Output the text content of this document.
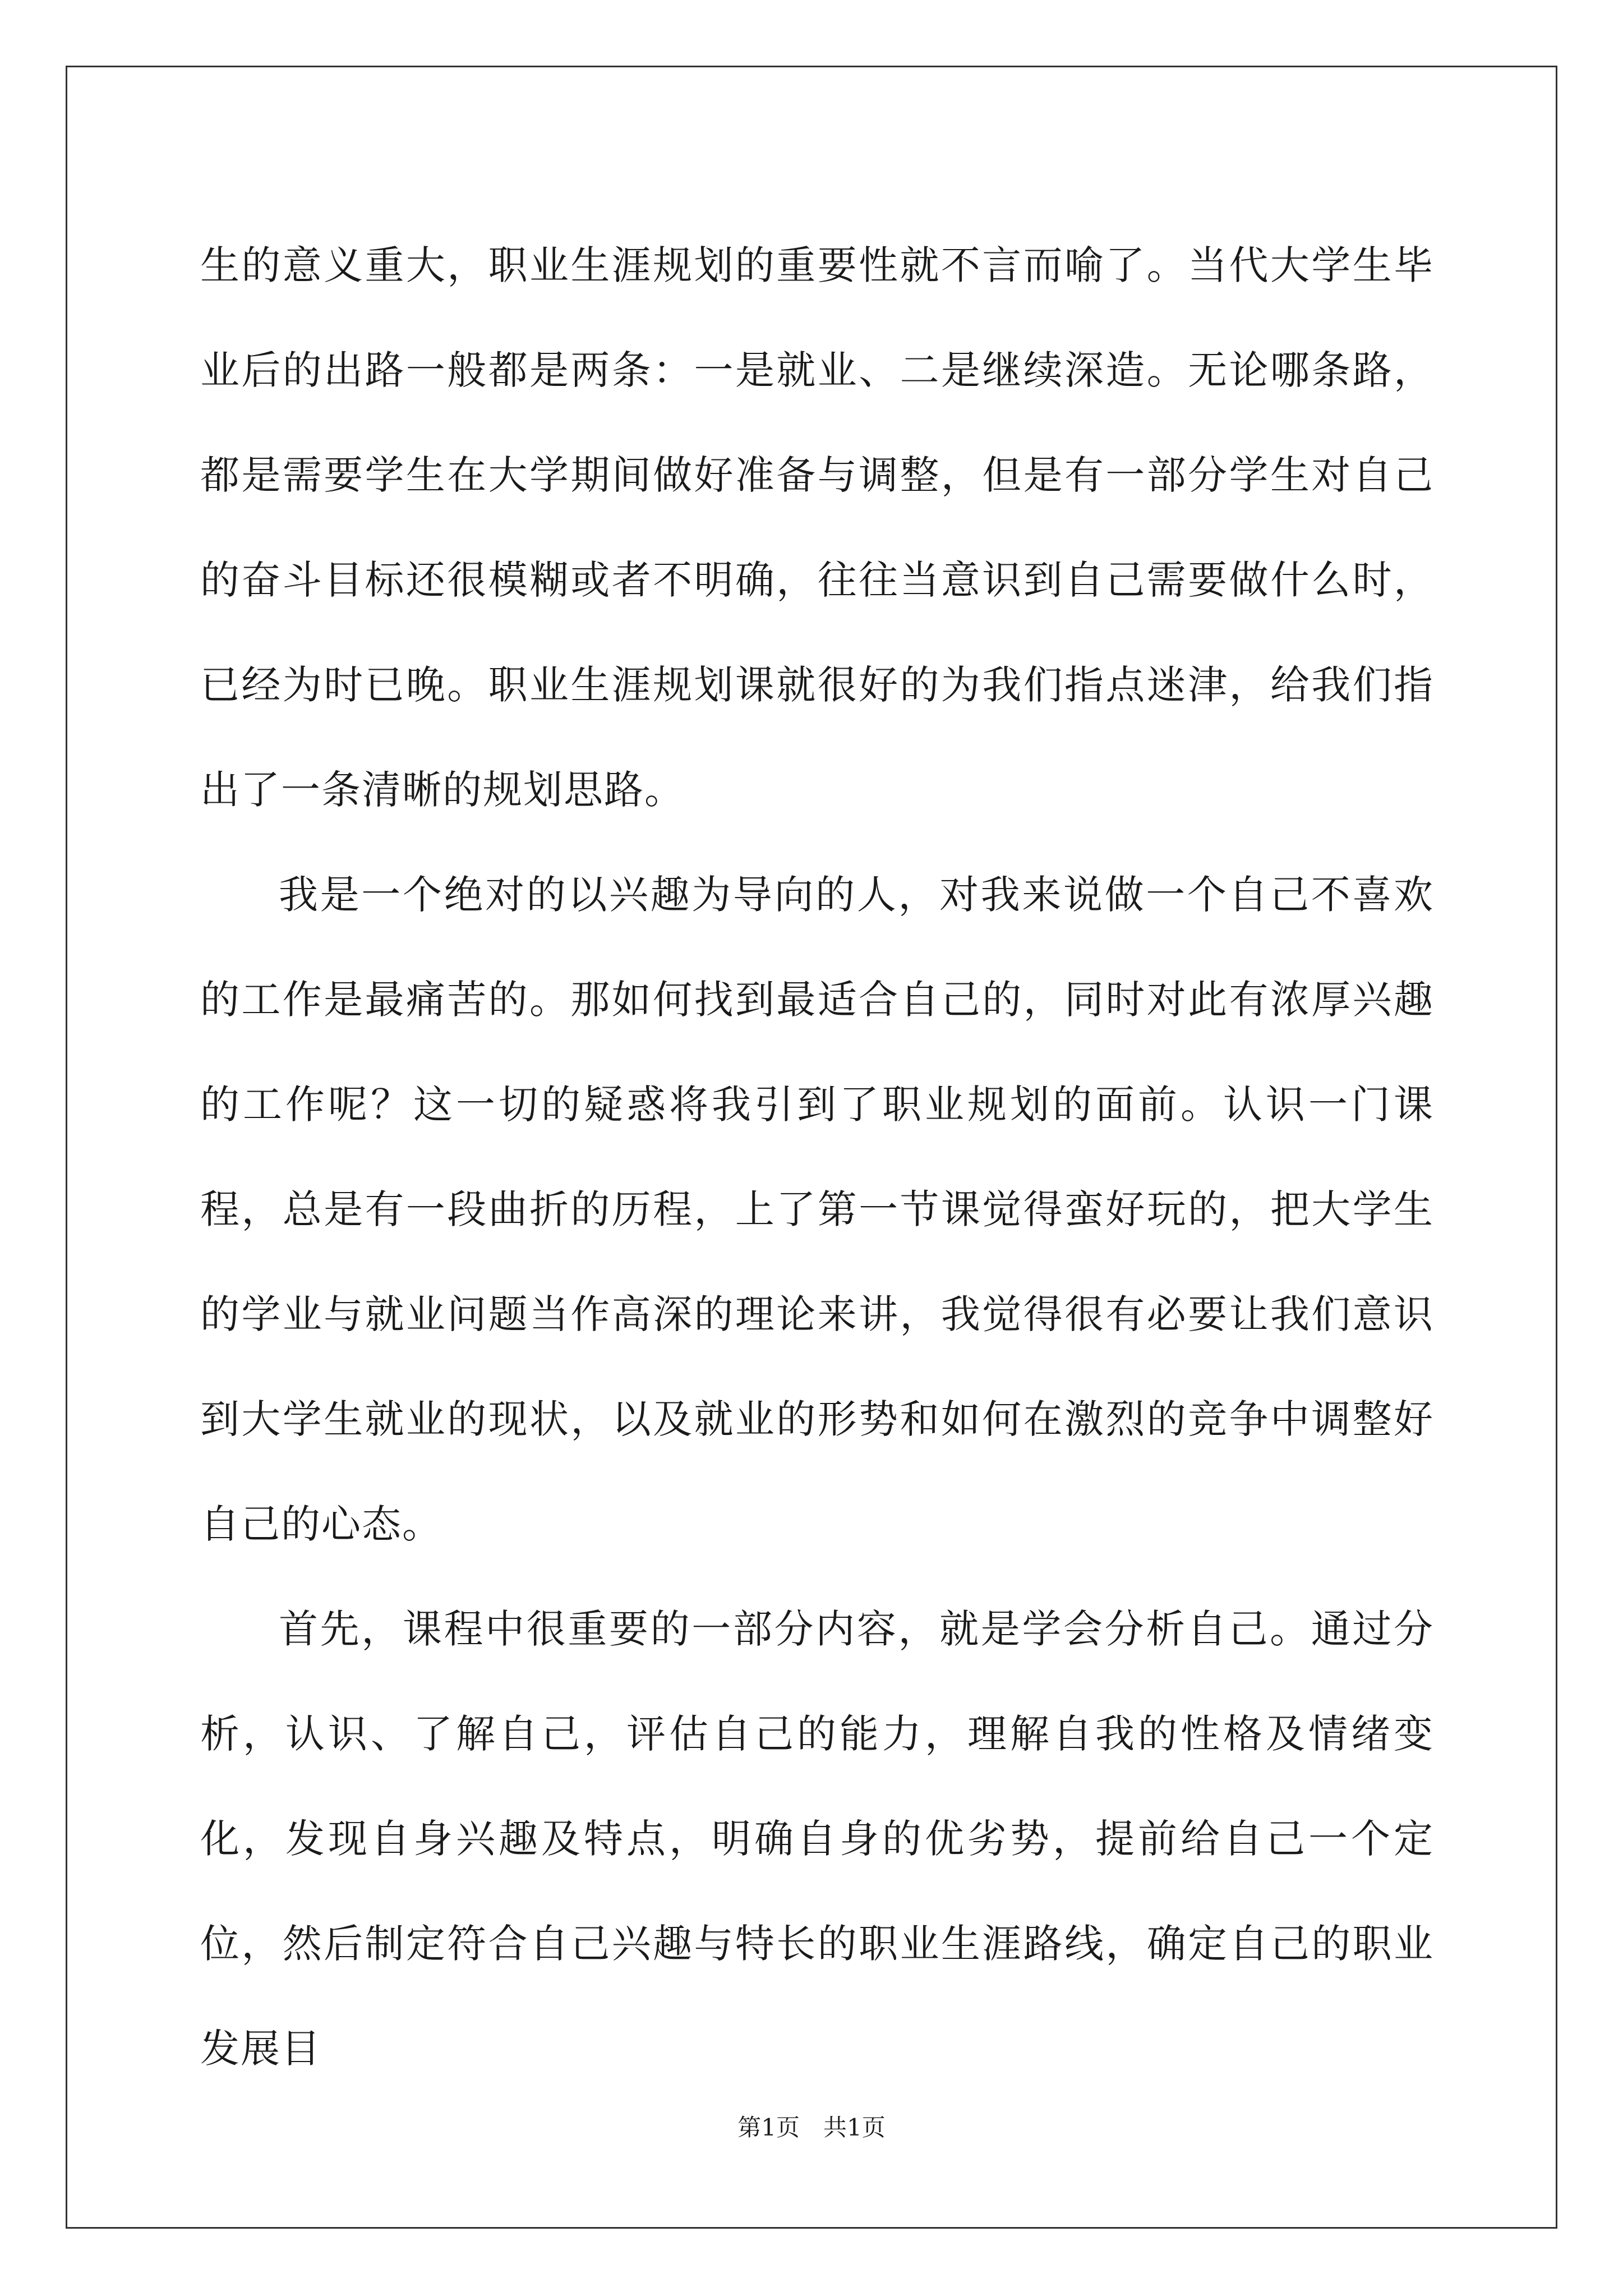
生的意义重大，职业生涯规划的重要性就不言而喻了。当代大学生毕业后的出路一般都是两条：一是就业、二是继续深造。无论哪条路，都是需要学生在大学期间做好准备与调整，但是有一部分学生对自己的奋斗目标还很模糊或者不明确，往往当意识到自己需要做什么时，已经为时已晚。职业生涯规划课就很好的为我们指点迷津，给我们指出了一条清晰的规划思路。

我是一个绝对的以兴趣为导向的人，对我来说做一个自己不喜欢的工作是最痛苦的。那如何找到最适合自己的，同时对此有浓厚兴趣的工作呢？这一切的疑惑将我引到了职业规划的面前。认识一门课程，总是有一段曲折的历程，上了第一节课觉得蛮好玩的，把大学生的学业与就业问题当作高深的理论来讲，我觉得很有必要让我们意识到大学生就业的现状，以及就业的形势和如何在激烈的竞争中调整好自己的心态。

首先，课程中很重要的一部分内容，就是学会分析自己。通过分析，认识、了解自己，评估自己的能力，理解自我的性格及情绪变化，发现自身兴趣及特点，明确自身的优劣势，提前给自己一个定位，然后制定符合自己兴趣与特长的职业生涯路线，确定自己的职业发展目

第1页　共1页
